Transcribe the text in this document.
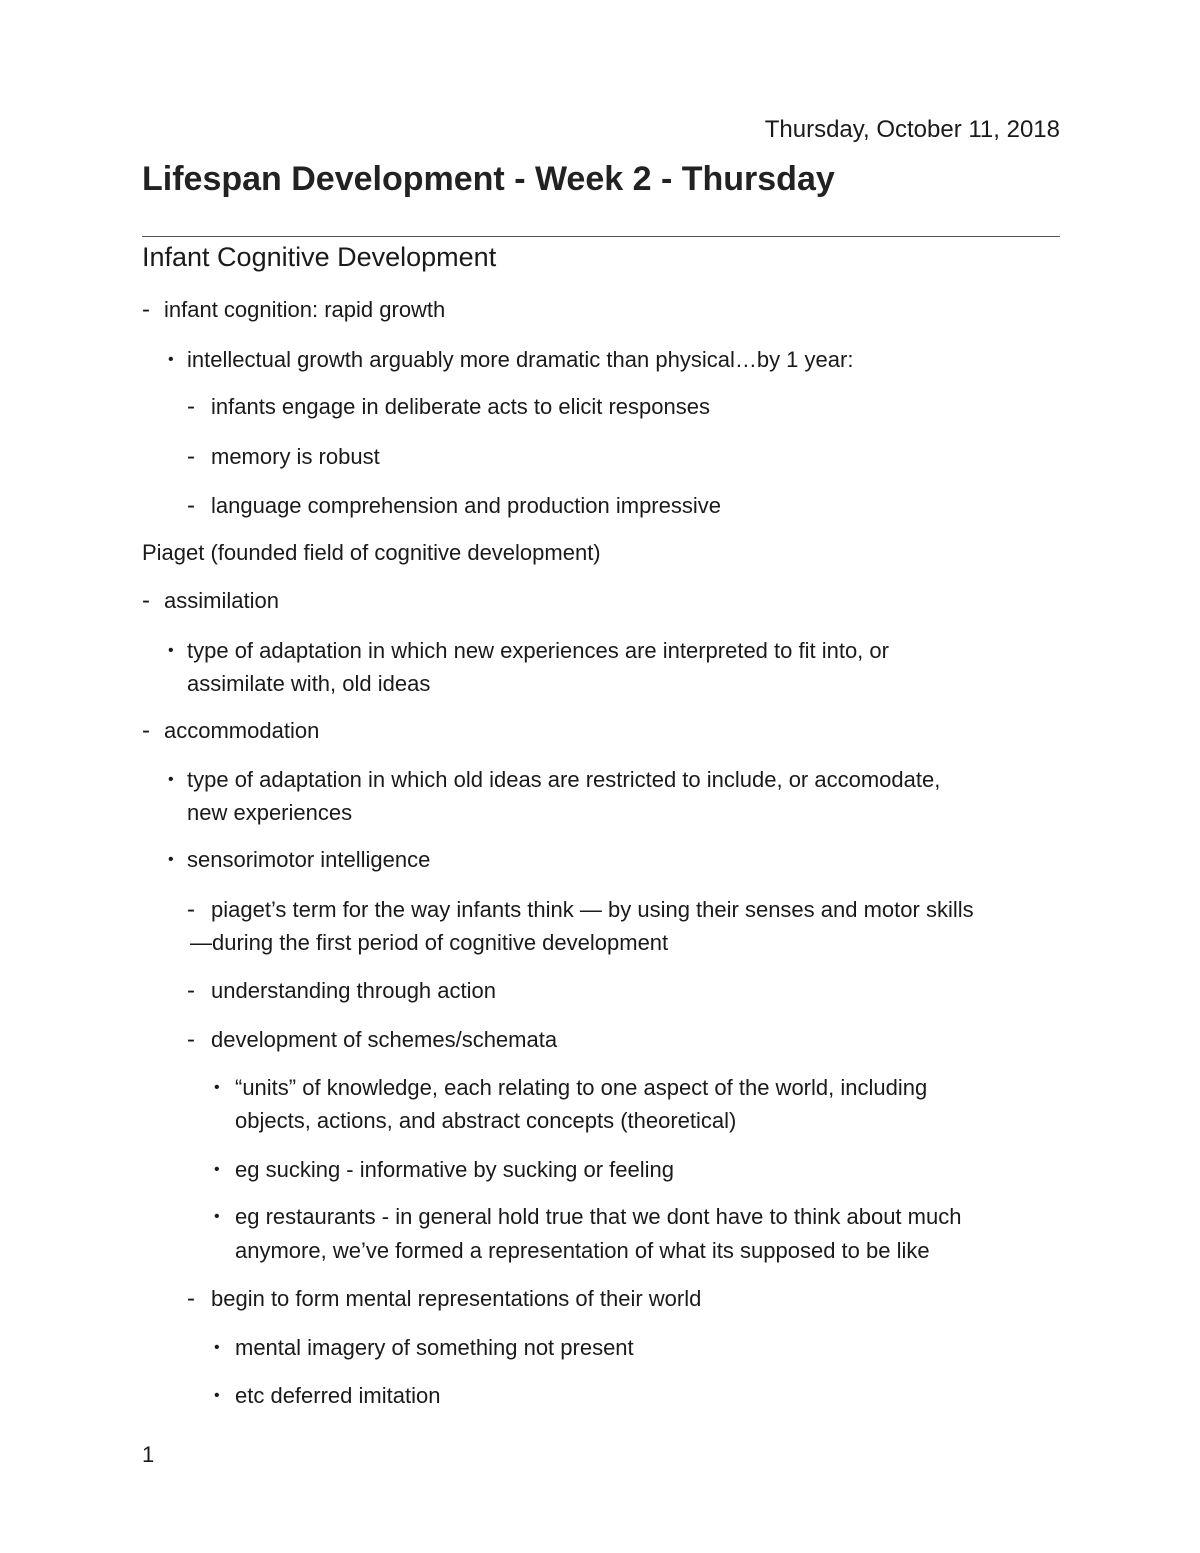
Thursday, October 11, 2018
Lifespan Development - Week 2 - Thursday
Infant Cognitive Development
- infant cognition: rapid growth
• intellectual growth arguably more dramatic than physical…by 1 year:
- infants engage in deliberate acts to elicit responses
- memory is robust
- language comprehension and production impressive
Piaget (founded field of cognitive development)
- assimilation
• type of adaptation in which new experiences are interpreted to fit into, or
assimilate with, old ideas
- accommodation
• type of adaptation in which old ideas are restricted to include, or accomodate,
new experiences
• sensorimotor intelligence
- piaget’s term for the way infants think — by using their senses and motor skills
—during the first period of cognitive development
- understanding through action
- development of schemes/schemata
• “units” of knowledge, each relating to one aspect of the world, including
objects, actions, and abstract concepts (theoretical)
• eg sucking - informative by sucking or feeling
• eg restaurants - in general hold true that we dont have to think about much
anymore, we’ve formed a representation of what its supposed to be like
- begin to form mental representations of their world
• mental imagery of something not present
• etc deferred imitation
1
